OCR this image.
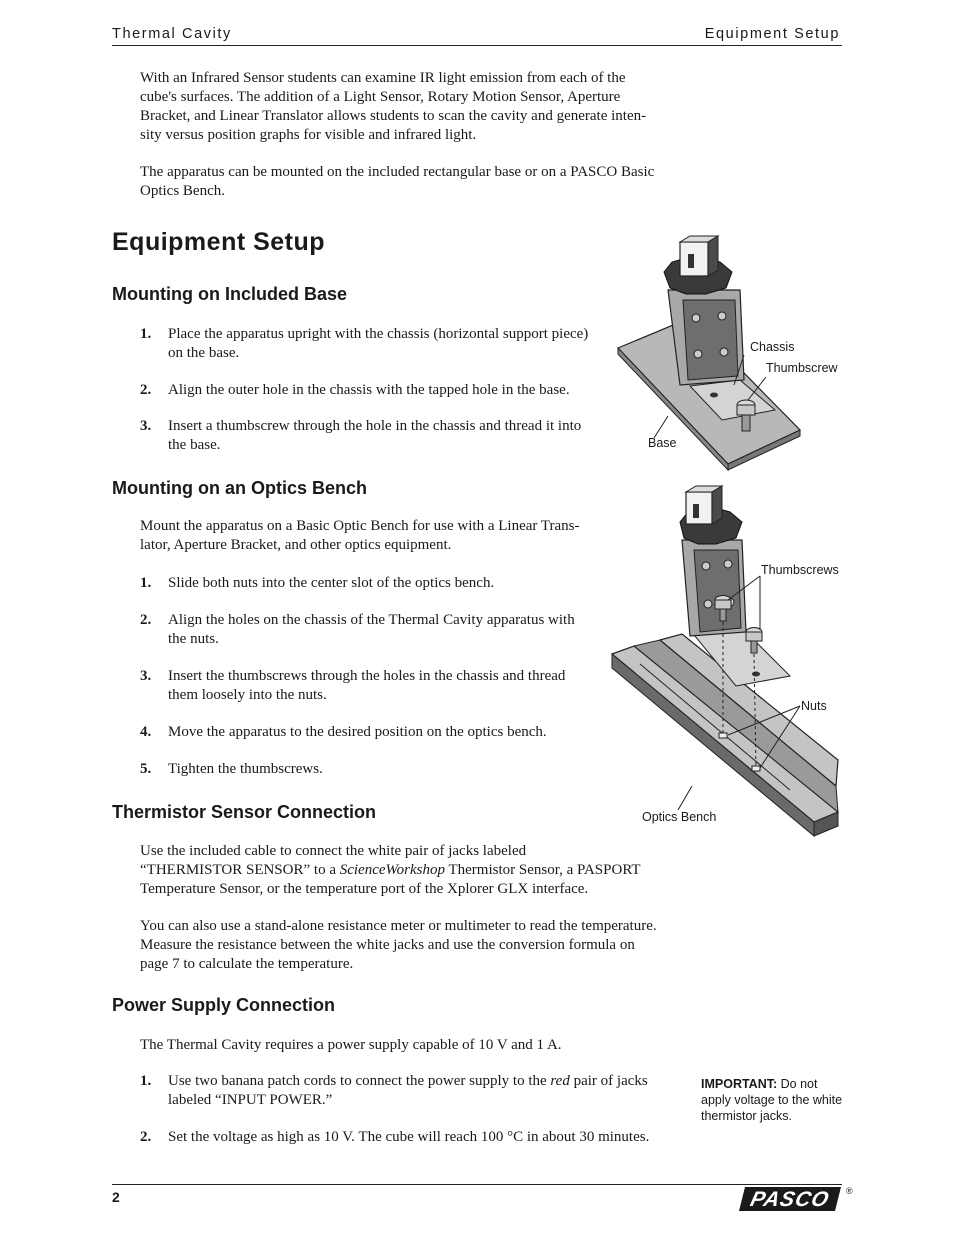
Thermal Cavity	Equipment Setup
With an Infrared Sensor students can examine IR light emission from each of the
cube's surfaces. The addition of a Light Sensor, Rotary Motion Sensor, Aperture
Bracket, and Linear Translator allows students to scan the cavity and generate inten-
sity versus position graphs for visible and infrared light.
The apparatus can be mounted on the included rectangular base or on a PASCO Basic
Optics Bench.
Equipment Setup
Mounting on Included Base
1. Place the apparatus upright with the chassis (horizontal support piece)
on the base.
2. Align the outer hole in the chassis with the tapped hole in the base.
3. Insert a thumbscrew through the hole in the chassis and thread it into
the base.
Mounting on an Optics Bench
Mount the apparatus on a Basic Optic Bench for use with a Linear Trans-
lator, Aperture Bracket, and other optics equipment.
1. Slide both nuts into the center slot of the optics bench.
2. Align the holes on the chassis of the Thermal Cavity apparatus with
the nuts.
3. Insert the thumbscrews through the holes in the chassis and thread
them loosely into the nuts.
4. Move the apparatus to the desired position on the optics bench.
5. Tighten the thumbscrews.
Thermistor Sensor Connection
Use the included cable to connect the white pair of jacks labeled
“THERMISTOR SENSOR” to a ScienceWorkshop Thermistor Sensor, a PASPORT
Temperature Sensor, or the temperature port of the Xplorer GLX interface.
You can also use a stand-alone resistance meter or multimeter to read the temperature.
Measure the resistance between the white jacks and use the conversion formula on
page 7 to calculate the temperature.
Power Supply Connection
The Thermal Cavity requires a power supply capable of 10 V and 1 A.
1. Use two banana patch cords to connect the power supply to the red pair of jacks
labeled “INPUT POWER.”
2. Set the voltage as high as 10 V. The cube will reach 100 °C in about 30 minutes.
IMPORTANT: Do not
apply voltage to the white
thermistor jacks.
Chassis
Thumbscrew
Base
Thumbscrews
Nuts
Optics Bench
2	PASCO	®
